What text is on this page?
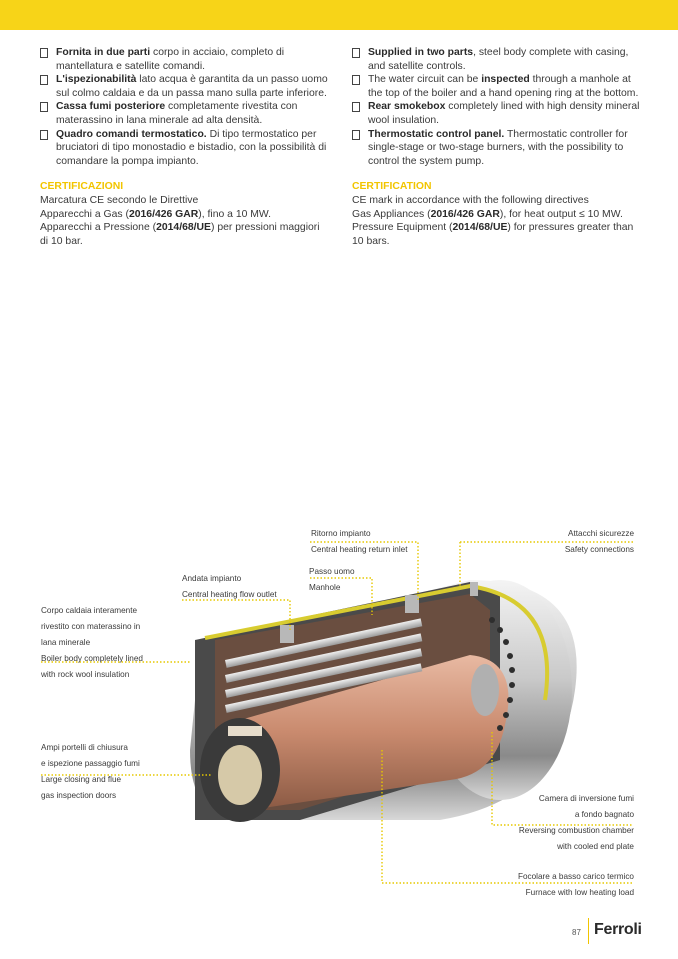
Fornita in due parti corpo in acciaio, completo di mantellatura e satellite comandi.
L'ispezionabilità lato acqua è garantita da un passo uomo sul colmo caldaia e da un passa mano sulla parte inferiore.
Cassa fumi posteriore completamente rivestita con materassino in lana minerale ad alta densità.
Quadro comandi termostatico. Di tipo termostatico per bruciatori di tipo monostadio e bistadio, con la possibilità di comandare la pompa impianto.
CERTIFICAZIONI

Marcatura CE secondo le Direttive

Apparecchi a Gas (2016/426 GAR), fino a 10 MW.

Apparecchi a Pressione (2014/68/UE) per pressioni maggiori di 10 bar.

Supplied in two parts, steel body complete with casing, and satellite controls.
The water circuit can be inspected through a manhole at the top of the boiler and a hand opening ring at the bottom.
Rear smokebox completely lined with high density mineral wool insulation.
Thermostatic control panel. Thermostatic controller for single-stage or two-stage burners, with the possibility to control the system pump.
CERTIFICATION

CE mark in accordance with the following directives

Gas Appliances (2016/426 GAR), for heat output ≤ 10 MW.

Pressure Equipment (2014/68/UE) for pressures greater than 10 bars.

Ritorno impianto
Central heating return inlet
Attacchi sicurezze
Safety connections
Passo uomo
Manhole
Andata impianto
Central heating flow outlet
Corpo caldaia interamente
rivestito con materassino in
lana minerale
Boiler body completely lined
with rock wool insulation
Ampi portelli di chiusura
e ispezione passaggio fumi
Large closing and flue
gas inspection doors	Camera di inversione fumi
a fondo bagnato
Reversing combustion chamber
with cooled end plate
Focolare a basso carico termico
Furnace with low heating load
87 Ferroli
